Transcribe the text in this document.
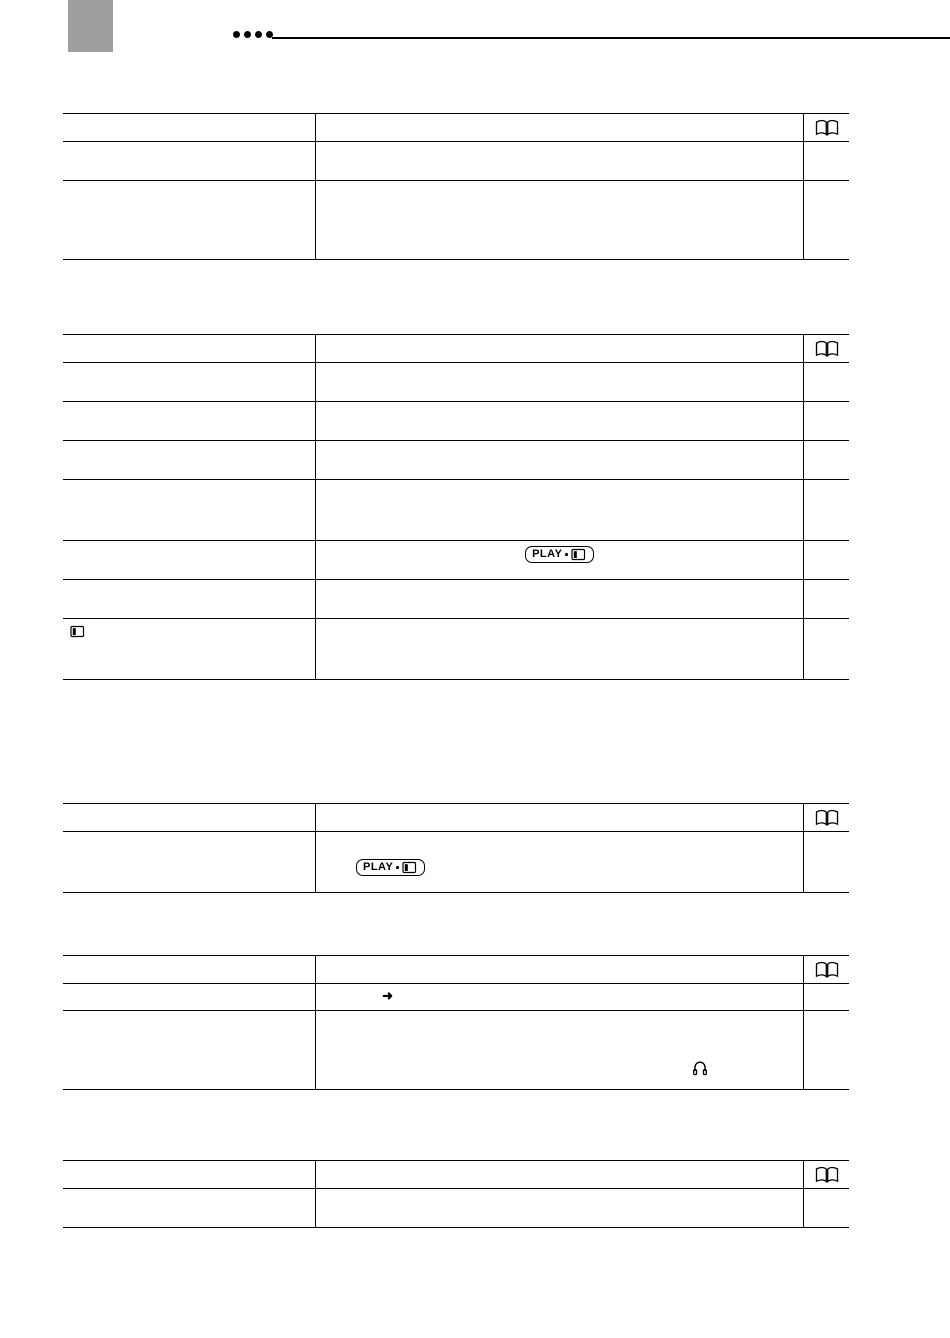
PLAY
PLAY
➜
